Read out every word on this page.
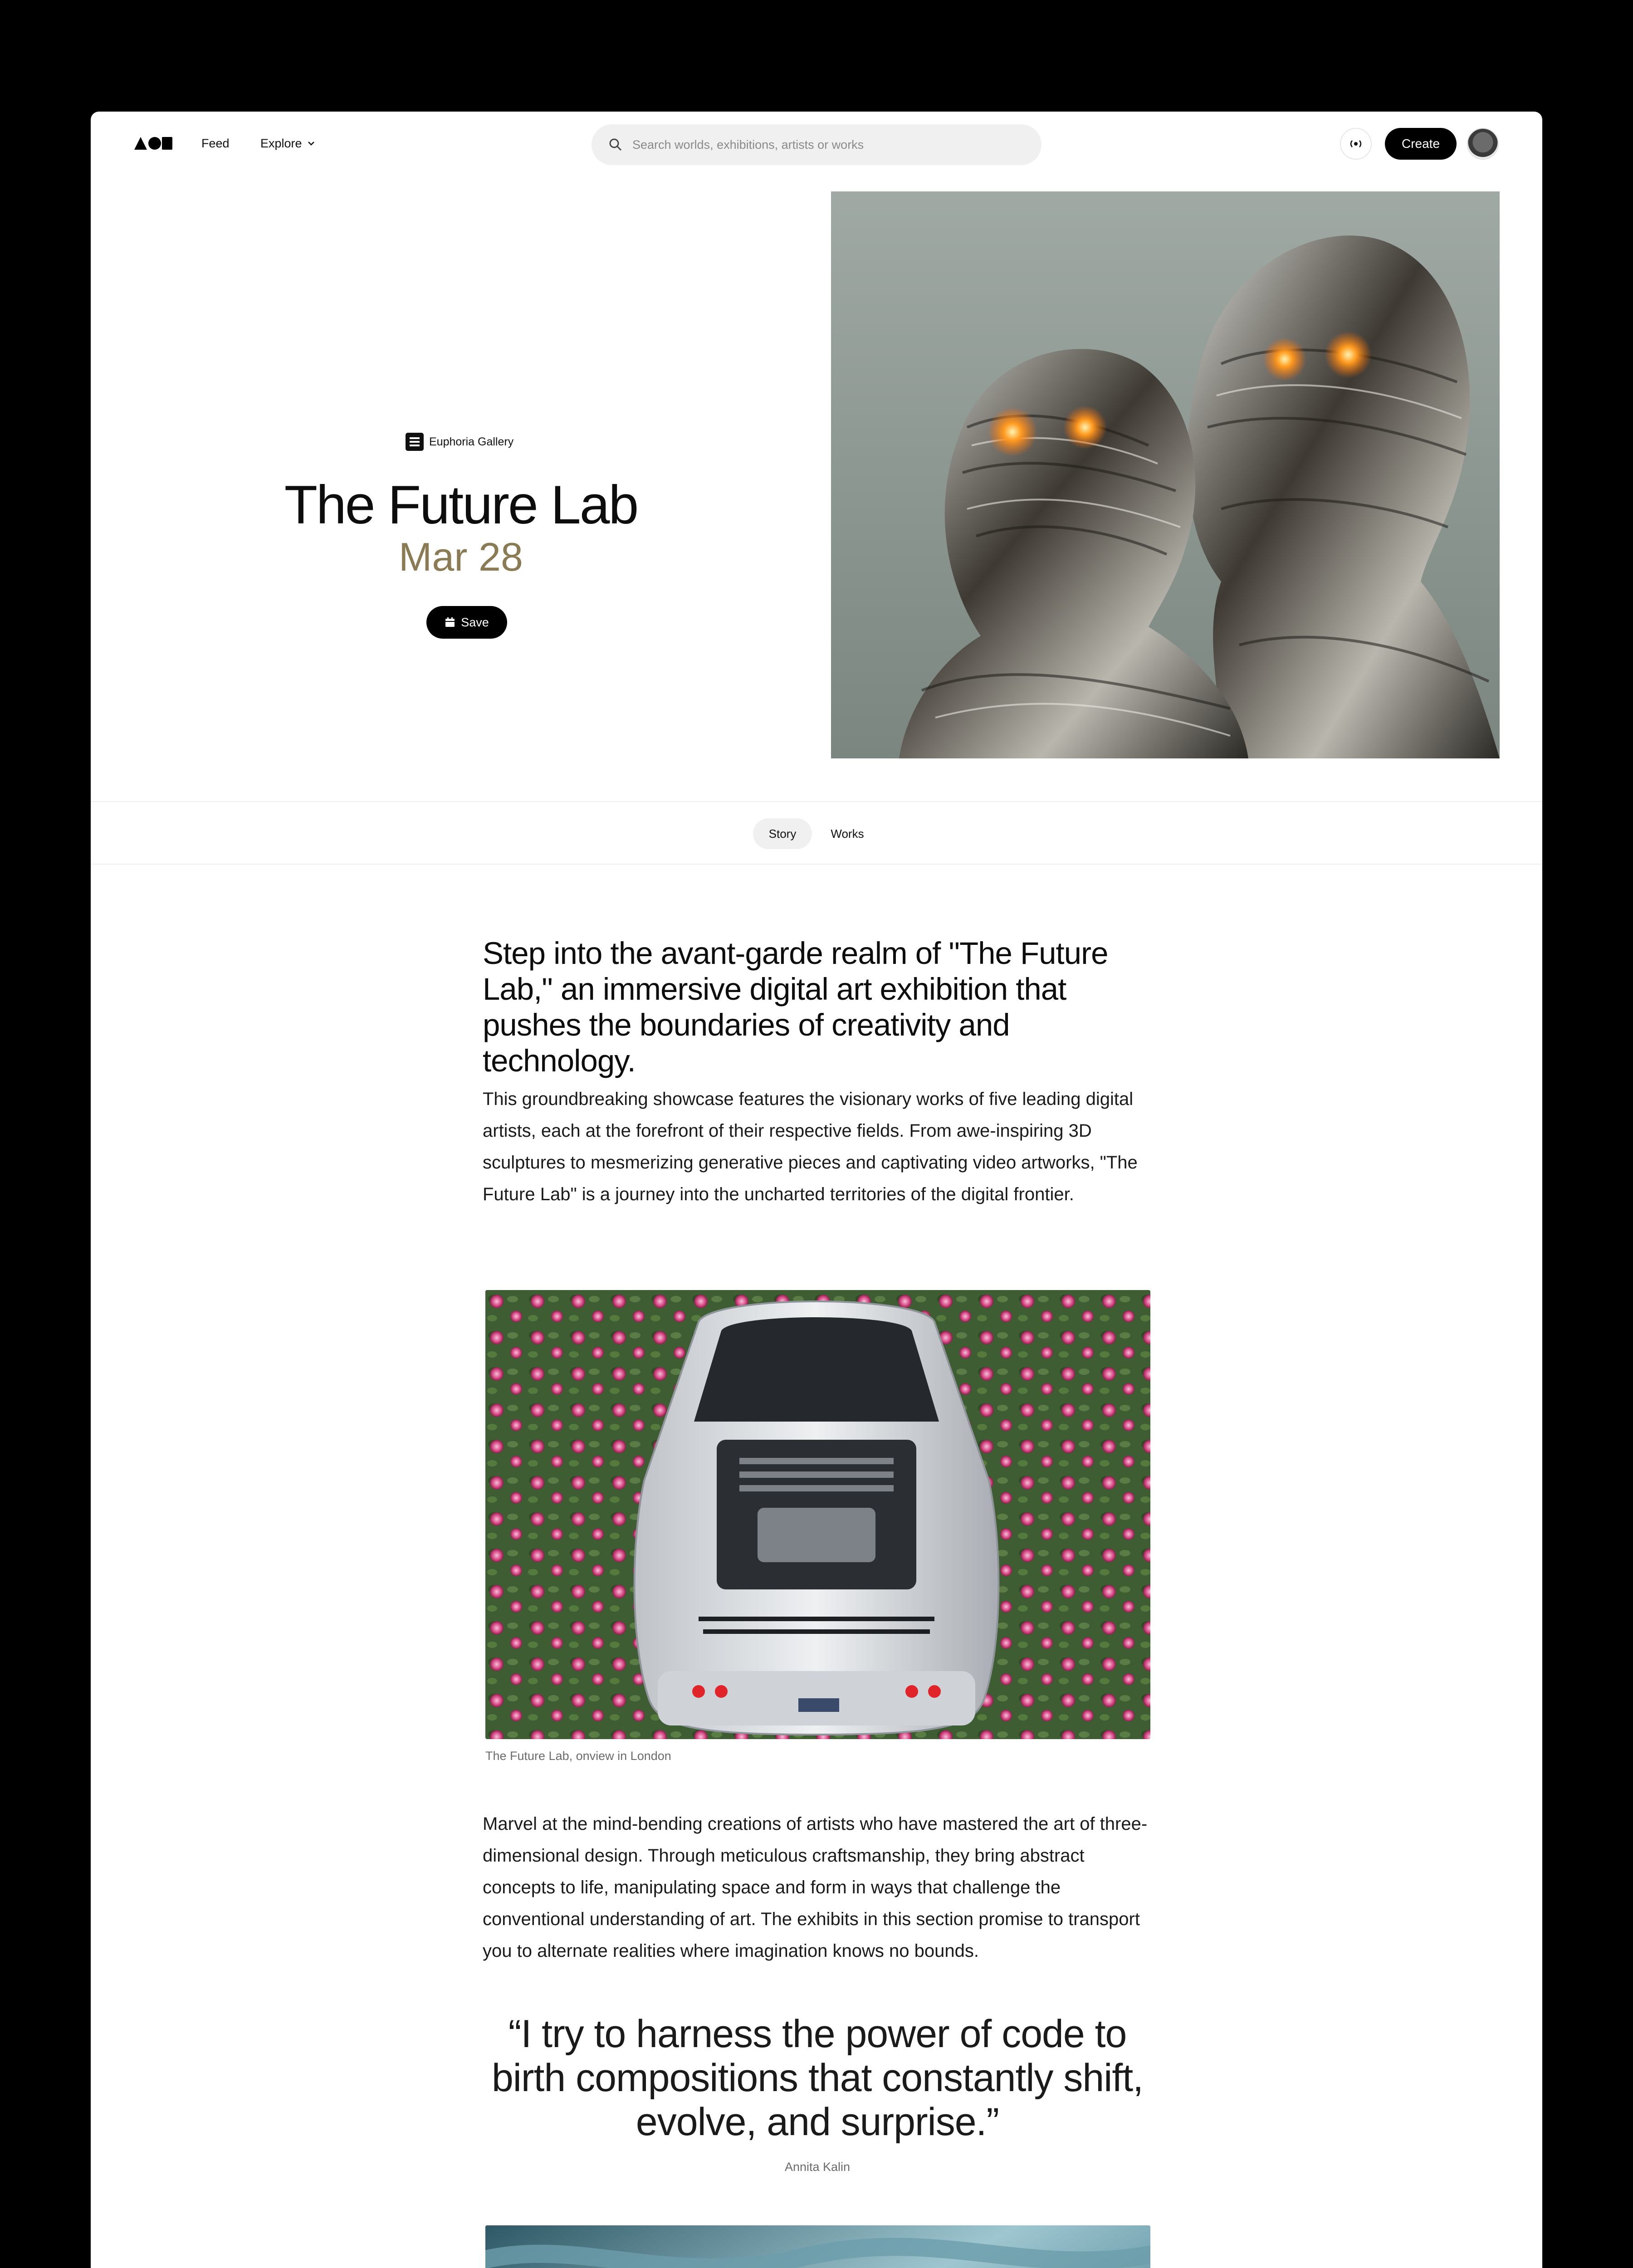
Feed	Explore
Search worlds, exhibitions, artists or works	Create
Euphoria Gallery
The Future Lab
Mar 28
Save
Story	Works
Step into the avant-garde realm of "The Future Lab," an immersive digital art exhibition that pushes the boundaries of creativity and technology.
This groundbreaking showcase features the visionary works of five leading digital artists, each at the forefront of their respective fields. From awe-inspiring 3D sculptures to mesmerizing generative pieces and captivating video artworks, "The Future Lab" is a journey into the uncharted territories of the digital frontier.
The Future Lab, onview in London
Marvel at the mind-bending creations of artists who have mastered the art of three-dimensional design. Through meticulous craftsmanship, they bring abstract concepts to life, manipulating space and form in ways that challenge the conventional understanding of art. The exhibits in this section promise to transport you to alternate realities where imagination knows no bounds.
“I try to harness the power of code to birth compositions that constantly shift, evolve, and surprise.”
Annita Kalin
